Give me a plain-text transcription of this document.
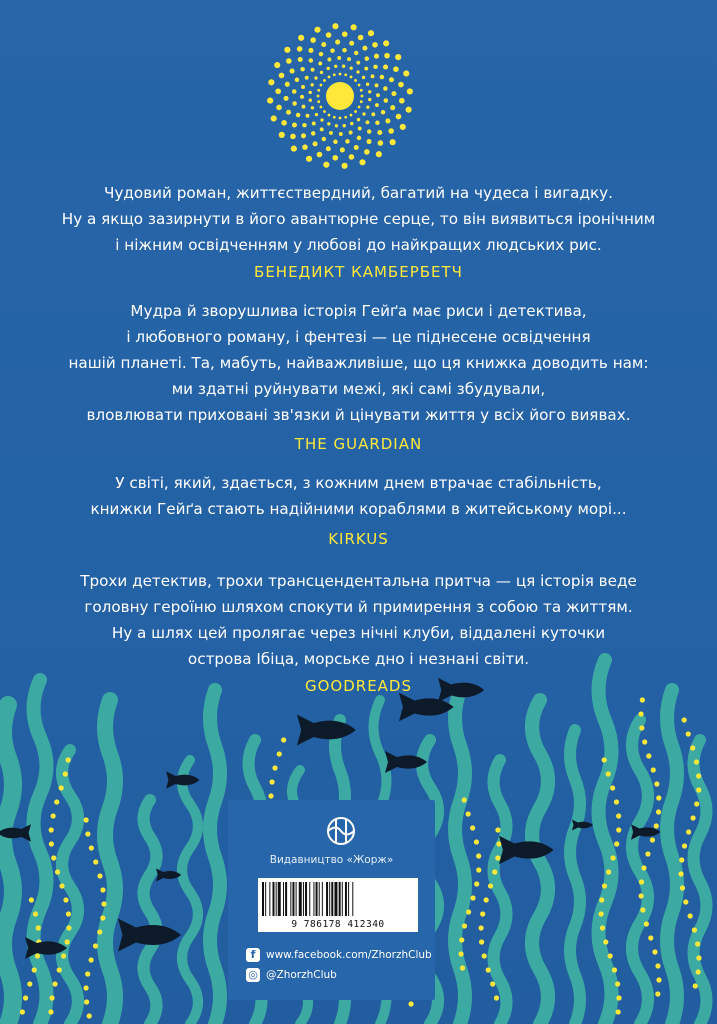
Чудовий роман, життєствердний, багатий на чудеса і вигадку.
Ну а якщо зазирнути в його авантюрне серце, то він виявиться іронічним
і ніжним освідченням у любові до найкращих людських рис.

БЕНЕДИКТ КАМБЕРБЕТЧ

Мудра й зворушлива історія Гейґа має риси і детектива,
і любовного роману, і фентезі — це піднесене освідчення
нашій планеті. Та, мабуть, найважливіше, що ця книжка доводить нам:
ми здатні руйнувати межі, які самі збудували,
вловлювати приховані зв'язки й цінувати життя у всіх його виявах.

THE GUARDIAN

У світі, який, здається, з кожним днем втрачає стабільність,
книжки Гейґа стають надійними кораблями в житейському морі...

KIRKUS

Трохи детектив, трохи трансцендентальна притча — ця історія веде
головну героїню шляхом спокути й примирення з собою та життям.
Ну а шлях цей пролягає через нічні клуби, віддалені куточки
острова Ібіца, морське дно і незнані світи.

GOODREADS
Видавництво «Жорж»
9 786178 412340
f	www.facebook.com/ZhorzhClub
◎ @ZhorzhClub
